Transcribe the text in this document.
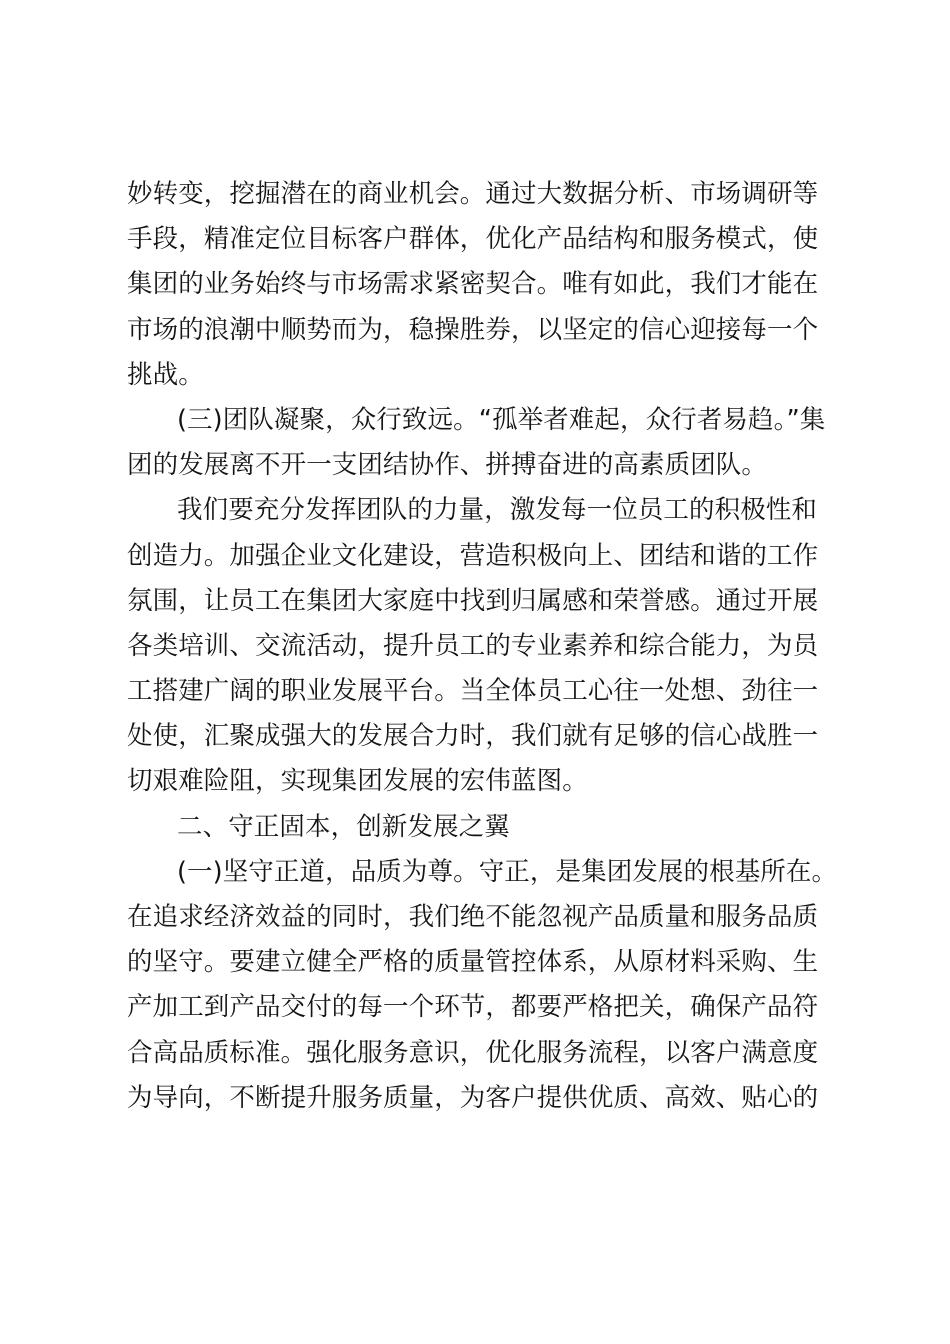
妙转变，挖掘潜在的商业机会。通过大数据分析、市场调研等
手段，精准定位目标客户群体，优化产品结构和服务模式，使
集团的业务始终与市场需求紧密契合。唯有如此，我们才能在
市场的浪潮中顺势而为，稳操胜券，以坚定的信心迎接每一个
挑战。
(三)团队凝聚，众行致远。“孤举者难起，众行者易趋。”集
团的发展离不开一支团结协作、拼搏奋进的高素质团队。
我们要充分发挥团队的力量，激发每一位员工的积极性和
创造力。加强企业文化建设，营造积极向上、团结和谐的工作
氛围，让员工在集团大家庭中找到归属感和荣誉感。通过开展
各类培训、交流活动，提升员工的专业素养和综合能力，为员
工搭建广阔的职业发展平台。当全体员工心往一处想、劲往一
处使，汇聚成强大的发展合力时，我们就有足够的信心战胜一
切艰难险阻，实现集团发展的宏伟蓝图。
二、守正固本，创新发展之翼
(一)坚守正道，品质为尊。守正，是集团发展的根基所在。
在追求经济效益的同时，我们绝不能忽视产品质量和服务品质
的坚守。要建立健全严格的质量管控体系，从原材料采购、生
产加工到产品交付的每一个环节，都要严格把关，确保产品符
合高品质标准。强化服务意识，优化服务流程，以客户满意度
为导向，不断提升服务质量，为客户提供优质、高效、贴心的
